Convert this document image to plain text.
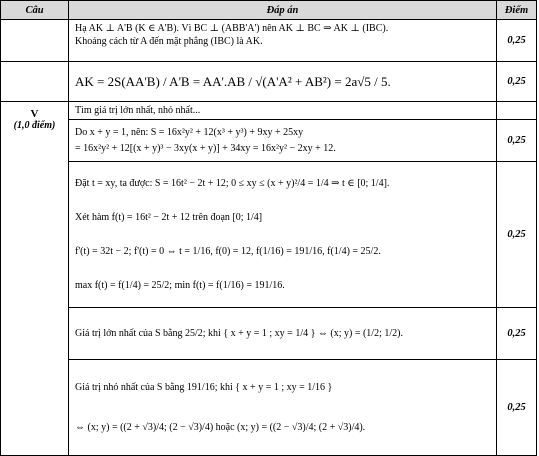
Câu	Đáp án	Điểm

	Hạ AK ⊥ A'B (K ∈ A'B). Vì BC ⊥ (ABB'A') nên AK ⊥ BC ⇒ AK ⊥ (IBC).
Khoảng cách từ A đến mặt phẳng (IBC) là AK.	0,25

	AK = 2S(AA'B) / A'B = AA'.AB / √(A'A² + AB²) = 2a√5 / 5.	0,25

V
(1,0 điểm)	Tìm giá trị lớn nhất, nhỏ nhất...	

	Do x + y = 1, nên: S = 16x²y² + 12(x³ + y³) + 9xy + 25xy
= 16x²y² + 12[(x + y)³ − 3xy(x + y)] + 34xy = 16x²y² − 2xy + 12.	0,25

	Đặt t = xy, ta được: S = 16t² − 2t + 12; 0 ≤ xy ≤ (x + y)²/4 = 1/4 ⇒ t ∈ [0; 1/4].
Xét hàm f(t) = 16t² − 2t + 12 trên đoạn [0; 1/4]
f'(t) = 32t − 2; f'(t) = 0 ⇔ t = 1/16, f(0) = 12, f(1/16) = 191/16, f(1/4) = 25/2.
max f(t) = f(1/4) = 25/2; min f(t) = f(1/16) = 191/16.	0,25

	Giá trị lớn nhất của S bằng 25/2; khi { x + y = 1 ; xy = 1/4 } ⇔ (x; y) = (1/2; 1/2).	0,25

	Giá trị nhỏ nhất của S bằng 191/16; khi { x + y = 1 ; xy = 1/16 }
⇔ (x; y) = ((2 + √3)/4; (2 − √3)/4) hoặc (x; y) = ((2 − √3)/4; (2 + √3)/4).	0,25
